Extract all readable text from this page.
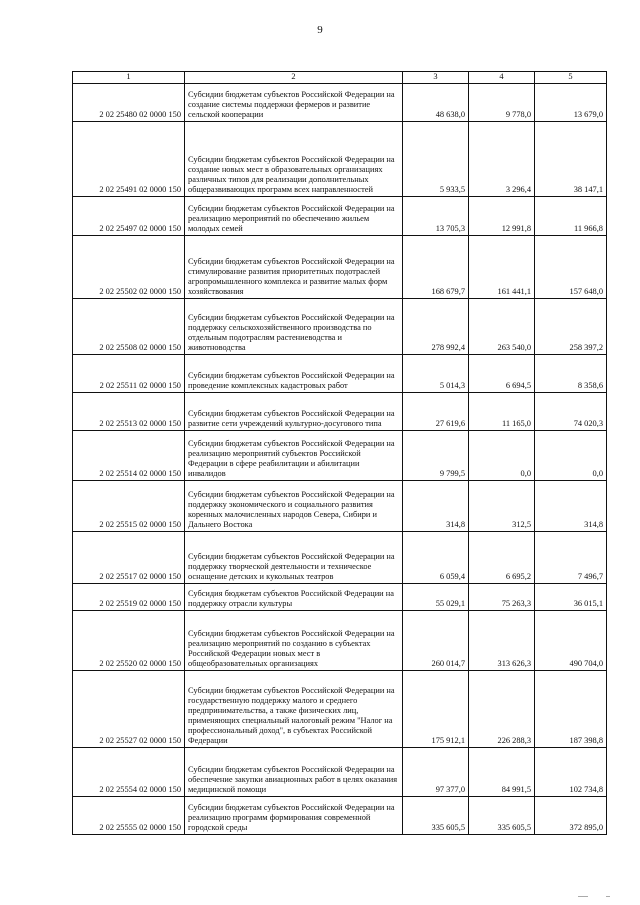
9
1	2	3	4	5
2 02 25480 02 0000 150	Субсидии бюджетам субъектов Российской Федерации на создание системы поддержки фермеров и развитие сельской кооперации	48 638,0	9 778,0	13 679,0
2 02 25491 02 0000 150	Субсидии бюджетам субъектов Российской Федерации на создание новых мест в образовательных организациях различных типов для реализации дополнительных общеразвивающих программ всех направленностей	5 933,5	3 296,4	38 147,1
2 02 25497 02 0000 150	Субсидии бюджетам субъектов Российской Федерации на реализацию мероприятий по обеспечению жильем молодых семей	13 705,3	12 991,8	11 966,8
2 02 25502 02 0000 150	Субсидии бюджетам субъектов Российской Федерации на стимулирование развития приоритетных подотраслей агропромышленного комплекса и развитие малых форм хозяйствования	168 679,7	161 441,1	157 648,0
2 02 25508 02 0000 150	Субсидии бюджетам субъектов Российской Федерации на поддержку сельскохозяйственного производства по отдельным подотраслям растениеводства и животноводства	278 992,4	263 540,0	258 397,2
2 02 25511 02 0000 150	Субсидии бюджетам субъектов Российской Федерации на проведение комплексных кадастровых работ	5 014,3	6 694,5	8 358,6
2 02 25513 02 0000 150	Субсидии бюджетам субъектов Российской Федерации на развитие сети учреждений культурно-досугового типа	27 619,6	11 165,0	74 020,3
2 02 25514 02 0000 150	Субсидии бюджетам субъектов Российской Федерации на реализацию мероприятий субъектов Российской Федерации в сфере реабилитации и абилитации инвалидов	9 799,5	0,0	0,0
2 02 25515 02 0000 150	Субсидии бюджетам субъектов Российской Федерации на поддержку экономического и социального развития коренных малочисленных народов Севера, Сибири и Дальнего Востока	314,8	312,5	314,8
2 02 25517 02 0000 150	Субсидии бюджетам субъектов Российской Федерации на поддержку творческой деятельности и техническое оснащение детских и кукольных театров	6 059,4	6 695,2	7 496,7
2 02 25519 02 0000 150	Субсидия бюджетам субъектов Российской Федерации на поддержку отрасли культуры	55 029,1	75 263,3	36 015,1
2 02 25520 02 0000 150	Субсидии бюджетам субъектов Российской Федерации на реализацию мероприятий по созданию в субъектах Российской Федерации новых мест в общеобразовательных организациях	260 014,7	313 626,3	490 704,0
2 02 25527 02 0000 150	Субсидии бюджетам субъектов Российской Федерации на государственную поддержку малого и среднего предпринимательства, а также физических лиц, применяющих специальный налоговый режим "Налог на профессиональный доход", в субъектах Российской Федерации	175 912,1	226 288,3	187 398,8
2 02 25554 02 0000 150	Субсидии бюджетам субъектов Российской Федерации на обеспечение закупки авиационных работ в целях оказания медицинской помощи	97 377,0	84 991,5	102 734,8
2 02 25555 02 0000 150	Субсидии бюджетам субъектов Российской Федерации на реализацию программ формирования современной городской среды	335 605,5	335 605,5	372 895,0
